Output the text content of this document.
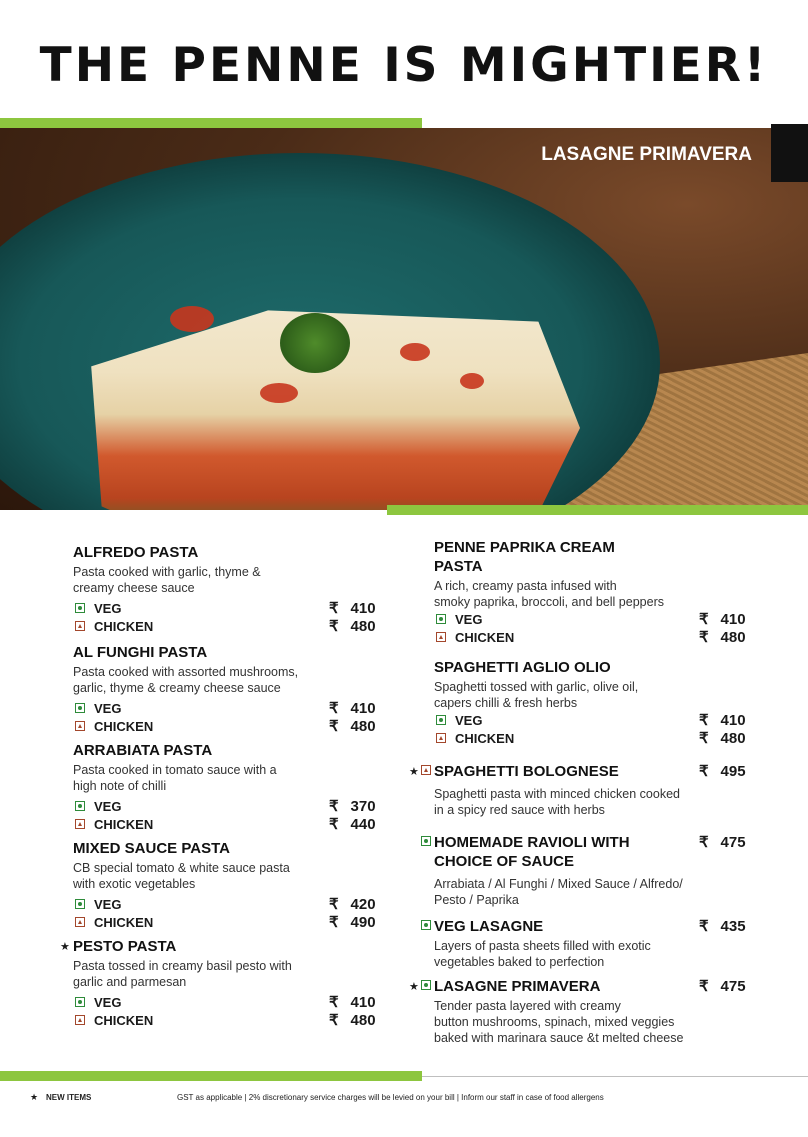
THE PENNE IS MIGHTIER!
LASAGNE PRIMAVERA
ALFREDO PASTA
Pasta cooked with garlic, thyme &
creamy cheese sauce
VEG	₹ 410
CHICKEN	₹ 480
AL FUNGHI PASTA
Pasta cooked with assorted mushrooms,
garlic, thyme & creamy cheese sauce
VEG	₹ 410
CHICKEN	₹ 480
ARRABIATA PASTA
Pasta cooked in tomato sauce with a
high note of chilli
VEG	₹ 370
CHICKEN	₹ 440
MIXED SAUCE PASTA
CB special tomato & white sauce pasta
with exotic vegetables
VEG	₹ 420
CHICKEN	₹ 490
★ PESTO PASTA
Pasta tossed in creamy basil pesto with
garlic and parmesan
VEG	₹ 410
CHICKEN	₹ 480
PENNE PAPRIKA CREAM
PASTA
A rich, creamy pasta infused with
smoky paprika, broccoli, and bell peppers
VEG	₹ 410
CHICKEN	₹ 480
SPAGHETTI AGLIO OLIO
Spaghetti tossed with garlic, olive oil,
capers chilli & fresh herbs
VEG	₹ 410
CHICKEN	₹ 480
★ SPAGHETTI BOLOGNESE
Spaghetti pasta with minced chicken cooked
in a spicy red sauce with herbs
₹ 495
HOMEMADE RAVIOLI WITH
CHOICE OF SAUCE
Arrabiata / Al Funghi / Mixed Sauce / Alfredo/
Pesto / Paprika
₹ 475
VEG LASAGNE
Layers of pasta sheets filled with exotic
vegetables baked to perfection
₹ 435
★ LASAGNE PRIMAVERA
Tender pasta layered with creamy
button mushrooms, spinach, mixed veggies
baked with marinara sauce &t melted cheese
₹ 475
★ NEW ITEMS	GST as applicable | 2% discretionary service charges will be levied on your bill | Inform our staff in case of food allergens
